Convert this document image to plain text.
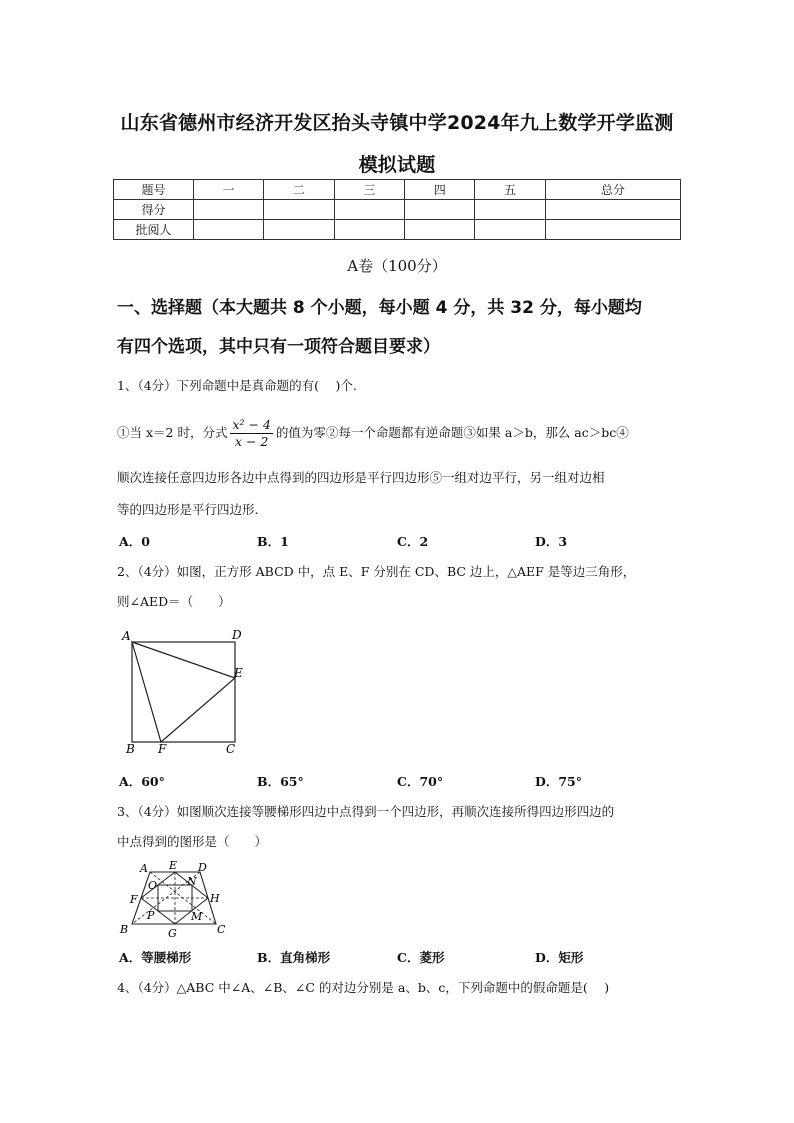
山东省德州市经济开发区抬头寺镇中学2024年九上数学开学监测
模拟试题
题号	一	二	三	四	五	总分
得分						
批阅人						
A卷（100分）
一、选择题（本大题共 8 个小题，每小题 4 分，共 32 分，每小题均
有四个选项，其中只有一项符合题目要求）
1、（4分）下列命题中是真命题的有(　 )个.
①当 x＝2 时，分式 $\frac{\text{x² − 4}}{x - 2}$ 的值为零②每一个命题都有逆命题③如果 a＞b，那么 ac＞bc④
顺次连接任意四边形各边中点得到的四边形是平行四边形⑤一组对边平行，另一组对边相
等的四边形是平行四边形.
A．0	B．1	C．2	D．3
2、（4分）如图，正方形 ABCD 中，点 E、F 分别在 CD、BC 边上，△AEF 是等边三角形，
则∠AED＝（　　）
A	D
E
B F	C
A．60°	B．65°	C．70°	D．75°
3、（4分）如图顺次连接等腰梯形四边中点得到一个四边形，再顺次连接所得四边形四边的
中点得到的图形是（　　）
A E D
O	N
F	H
P	M
B	G	C
A．等腰梯形	B．直角梯形	C．菱形	D．矩形
4、（4分）△ABC 中∠A、∠B、∠C 的对边分别是 a、b、c，下列命题中的假命题是(　 )
